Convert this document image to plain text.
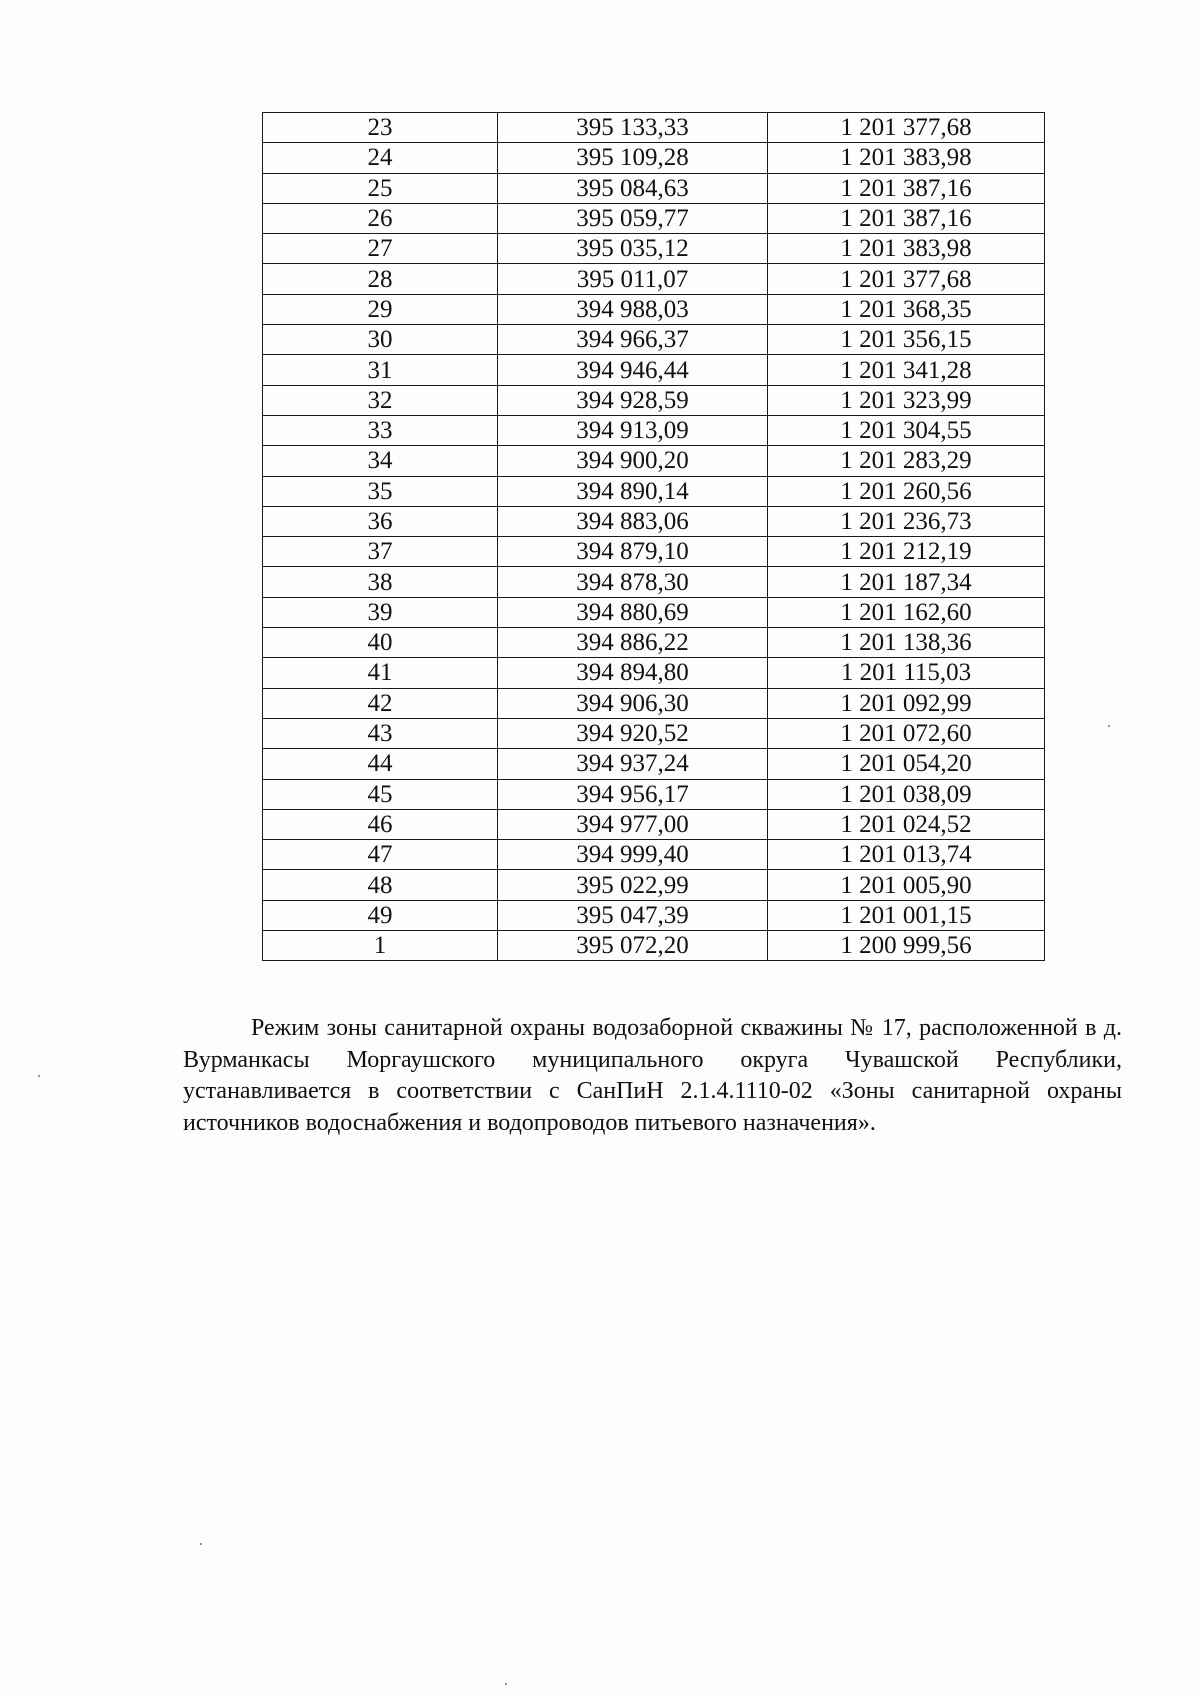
23	395 133,33	1 201 377,68
24	395 109,28	1 201 383,98
25	395 084,63	1 201 387,16
26	395 059,77	1 201 387,16
27	395 035,12	1 201 383,98
28	395 011,07	1 201 377,68
29	394 988,03	1 201 368,35
30	394 966,37	1 201 356,15
31	394 946,44	1 201 341,28
32	394 928,59	1 201 323,99
33	394 913,09	1 201 304,55
34	394 900,20	1 201 283,29
35	394 890,14	1 201 260,56
36	394 883,06	1 201 236,73
37	394 879,10	1 201 212,19
38	394 878,30	1 201 187,34
39	394 880,69	1 201 162,60
40	394 886,22	1 201 138,36
41	394 894,80	1 201 115,03
42	394 906,30	1 201 092,99
43	394 920,52	1 201 072,60
44	394 937,24	1 201 054,20
45	394 956,17	1 201 038,09
46	394 977,00	1 201 024,52
47	394 999,40	1 201 013,74
48	395 022,99	1 201 005,90
49	395 047,39	1 201 001,15
1	395 072,20	1 200 999,56

Режим зоны санитарной охраны водозаборной скважины № 17, расположенной в д. Вурманкасы Моргаушского муниципального округа Чувашской Республики, устанавливается в соответствии с СанПиН 2.1.4.1110-02 «Зоны санитарной охраны источников водоснабжения и водопроводов питьевого назначения».
